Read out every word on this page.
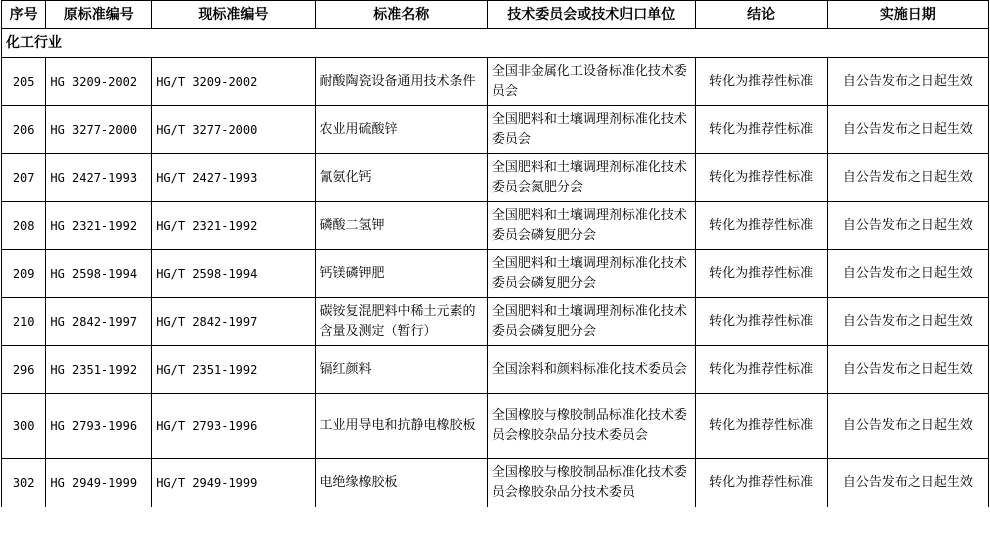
序号	原标准编号	现标准编号	标准名称	技术委员会或技术归口单位	结论	实施日期
化工行业						
205	HG 3209-2002	HG/T 3209-2002	耐酸陶瓷设备通用技术条件	全国非金属化工设备标准化技术委员会	转化为推荐性标准	自公告发布之日起生效
206	HG 3277-2000	HG/T 3277-2000	农业用硫酸锌	全国肥料和土壤调理剂标准化技术委员会	转化为推荐性标准	自公告发布之日起生效
207	HG 2427-1993	HG/T 2427-1993	氰氨化钙	全国肥料和土壤调理剂标准化技术委员会氮肥分会	转化为推荐性标准	自公告发布之日起生效
208	HG 2321-1992	HG/T 2321-1992	磷酸二氢钾	全国肥料和土壤调理剂标准化技术委员会磷复肥分会	转化为推荐性标准	自公告发布之日起生效
209	HG 2598-1994	HG/T 2598-1994	钙镁磷钾肥	全国肥料和土壤调理剂标准化技术委员会磷复肥分会	转化为推荐性标准	自公告发布之日起生效
210	HG 2842-1997	HG/T 2842-1997	碳铵复混肥料中稀土元素的含量及测定（暂行）	全国肥料和土壤调理剂标准化技术委员会磷复肥分会	转化为推荐性标准	自公告发布之日起生效
296	HG 2351-1992	HG/T 2351-1992	镉红颜料	全国涂料和颜料标准化技术委员会	转化为推荐性标准	自公告发布之日起生效
300	HG 2793-1996	HG/T 2793-1996	工业用导电和抗静电橡胶板	全国橡胶与橡胶制品标准化技术委员会橡胶杂品分技术委员会	转化为推荐性标准	自公告发布之日起生效
302	HG 2949-1999	HG/T 2949-1999	电绝缘橡胶板	全国橡胶与橡胶制品标准化技术委员会橡胶杂品分技术委员	转化为推荐性标准	自公告发布之日起生效
